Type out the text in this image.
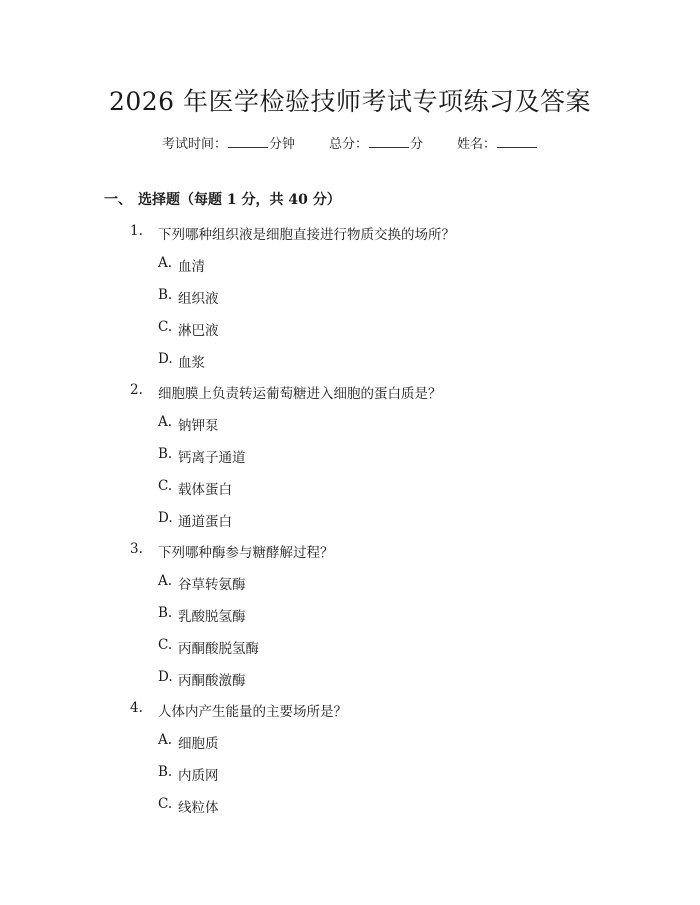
2026 年医学检验技师考试专项练习及答案
考试时间：	分钟	总分：	分	姓名：
一、 选择题（每题 1 分，共 40 分）
1.	下列哪种组织液是细胞直接进行物质交换的场所？
A. 血清
B. 组织液
C. 淋巴液
D. 血浆
2.	细胞膜上负责转运葡萄糖进入细胞的蛋白质是？
A. 钠钾泵
B. 钙离子通道
C. 载体蛋白
D. 通道蛋白
3.	下列哪种酶参与糖酵解过程？
A. 谷草转氨酶
B. 乳酸脱氢酶
C. 丙酮酸脱氢酶
D. 丙酮酸激酶
4.	人体内产生能量的主要场所是？
A. 细胞质
B. 内质网
C. 线粒体
